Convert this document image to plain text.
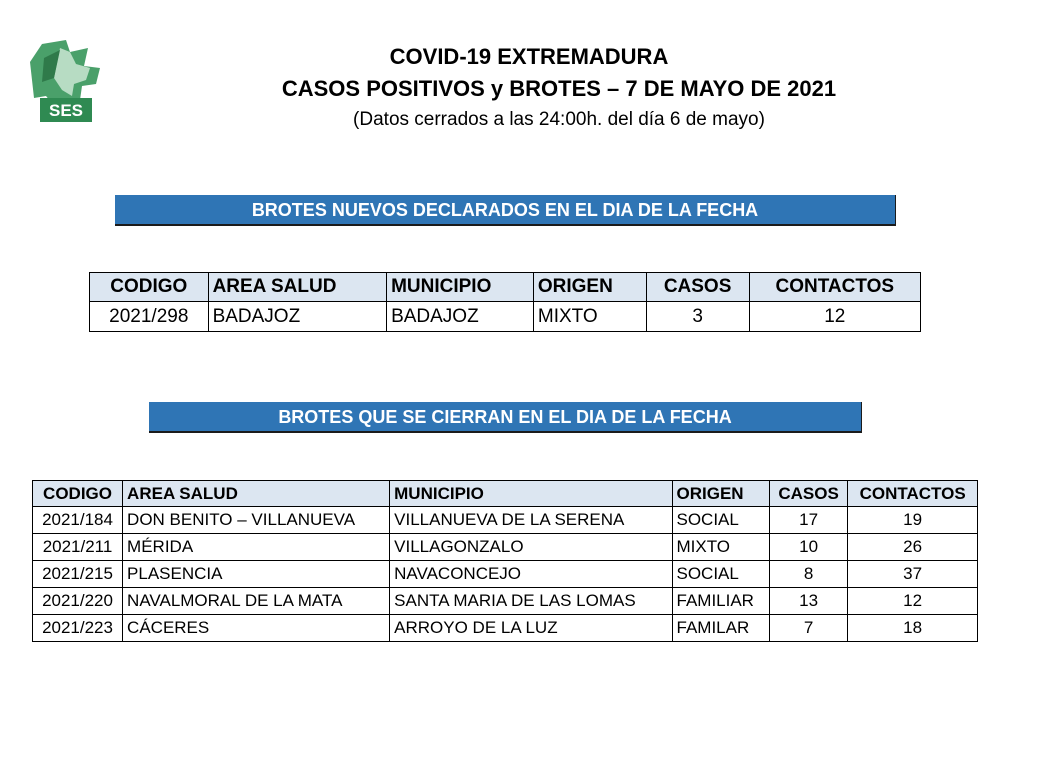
SES
COVID-19 EXTREMADURA
CASOS POSITIVOS y BROTES – 7 DE MAYO DE 2021
(Datos cerrados a las 24:00h. del día 6 de mayo)
BROTES NUEVOS DECLARADOS EN EL DIA DE LA FECHA
CODIGO	AREA SALUD	MUNICIPIO	ORIGEN	CASOS	CONTACTOS
2021/298	BADAJOZ	BADAJOZ	MIXTO	3	12
BROTES QUE SE CIERRAN EN EL DIA DE LA FECHA
CODIGO	AREA SALUD	MUNICIPIO	ORIGEN	CASOS	CONTACTOS
2021/184	DON BENITO – VILLANUEVA	VILLANUEVA DE LA SERENA	SOCIAL	17	19
2021/211	MÉRIDA	VILLAGONZALO	MIXTO	10	26
2021/215	PLASENCIA	NAVACONCEJO	SOCIAL	8	37
2021/220	NAVALMORAL DE LA MATA	SANTA MARIA DE LAS LOMAS	FAMILIAR	13	12
2021/223	CÁCERES	ARROYO DE LA LUZ	FAMILAR	7	18
